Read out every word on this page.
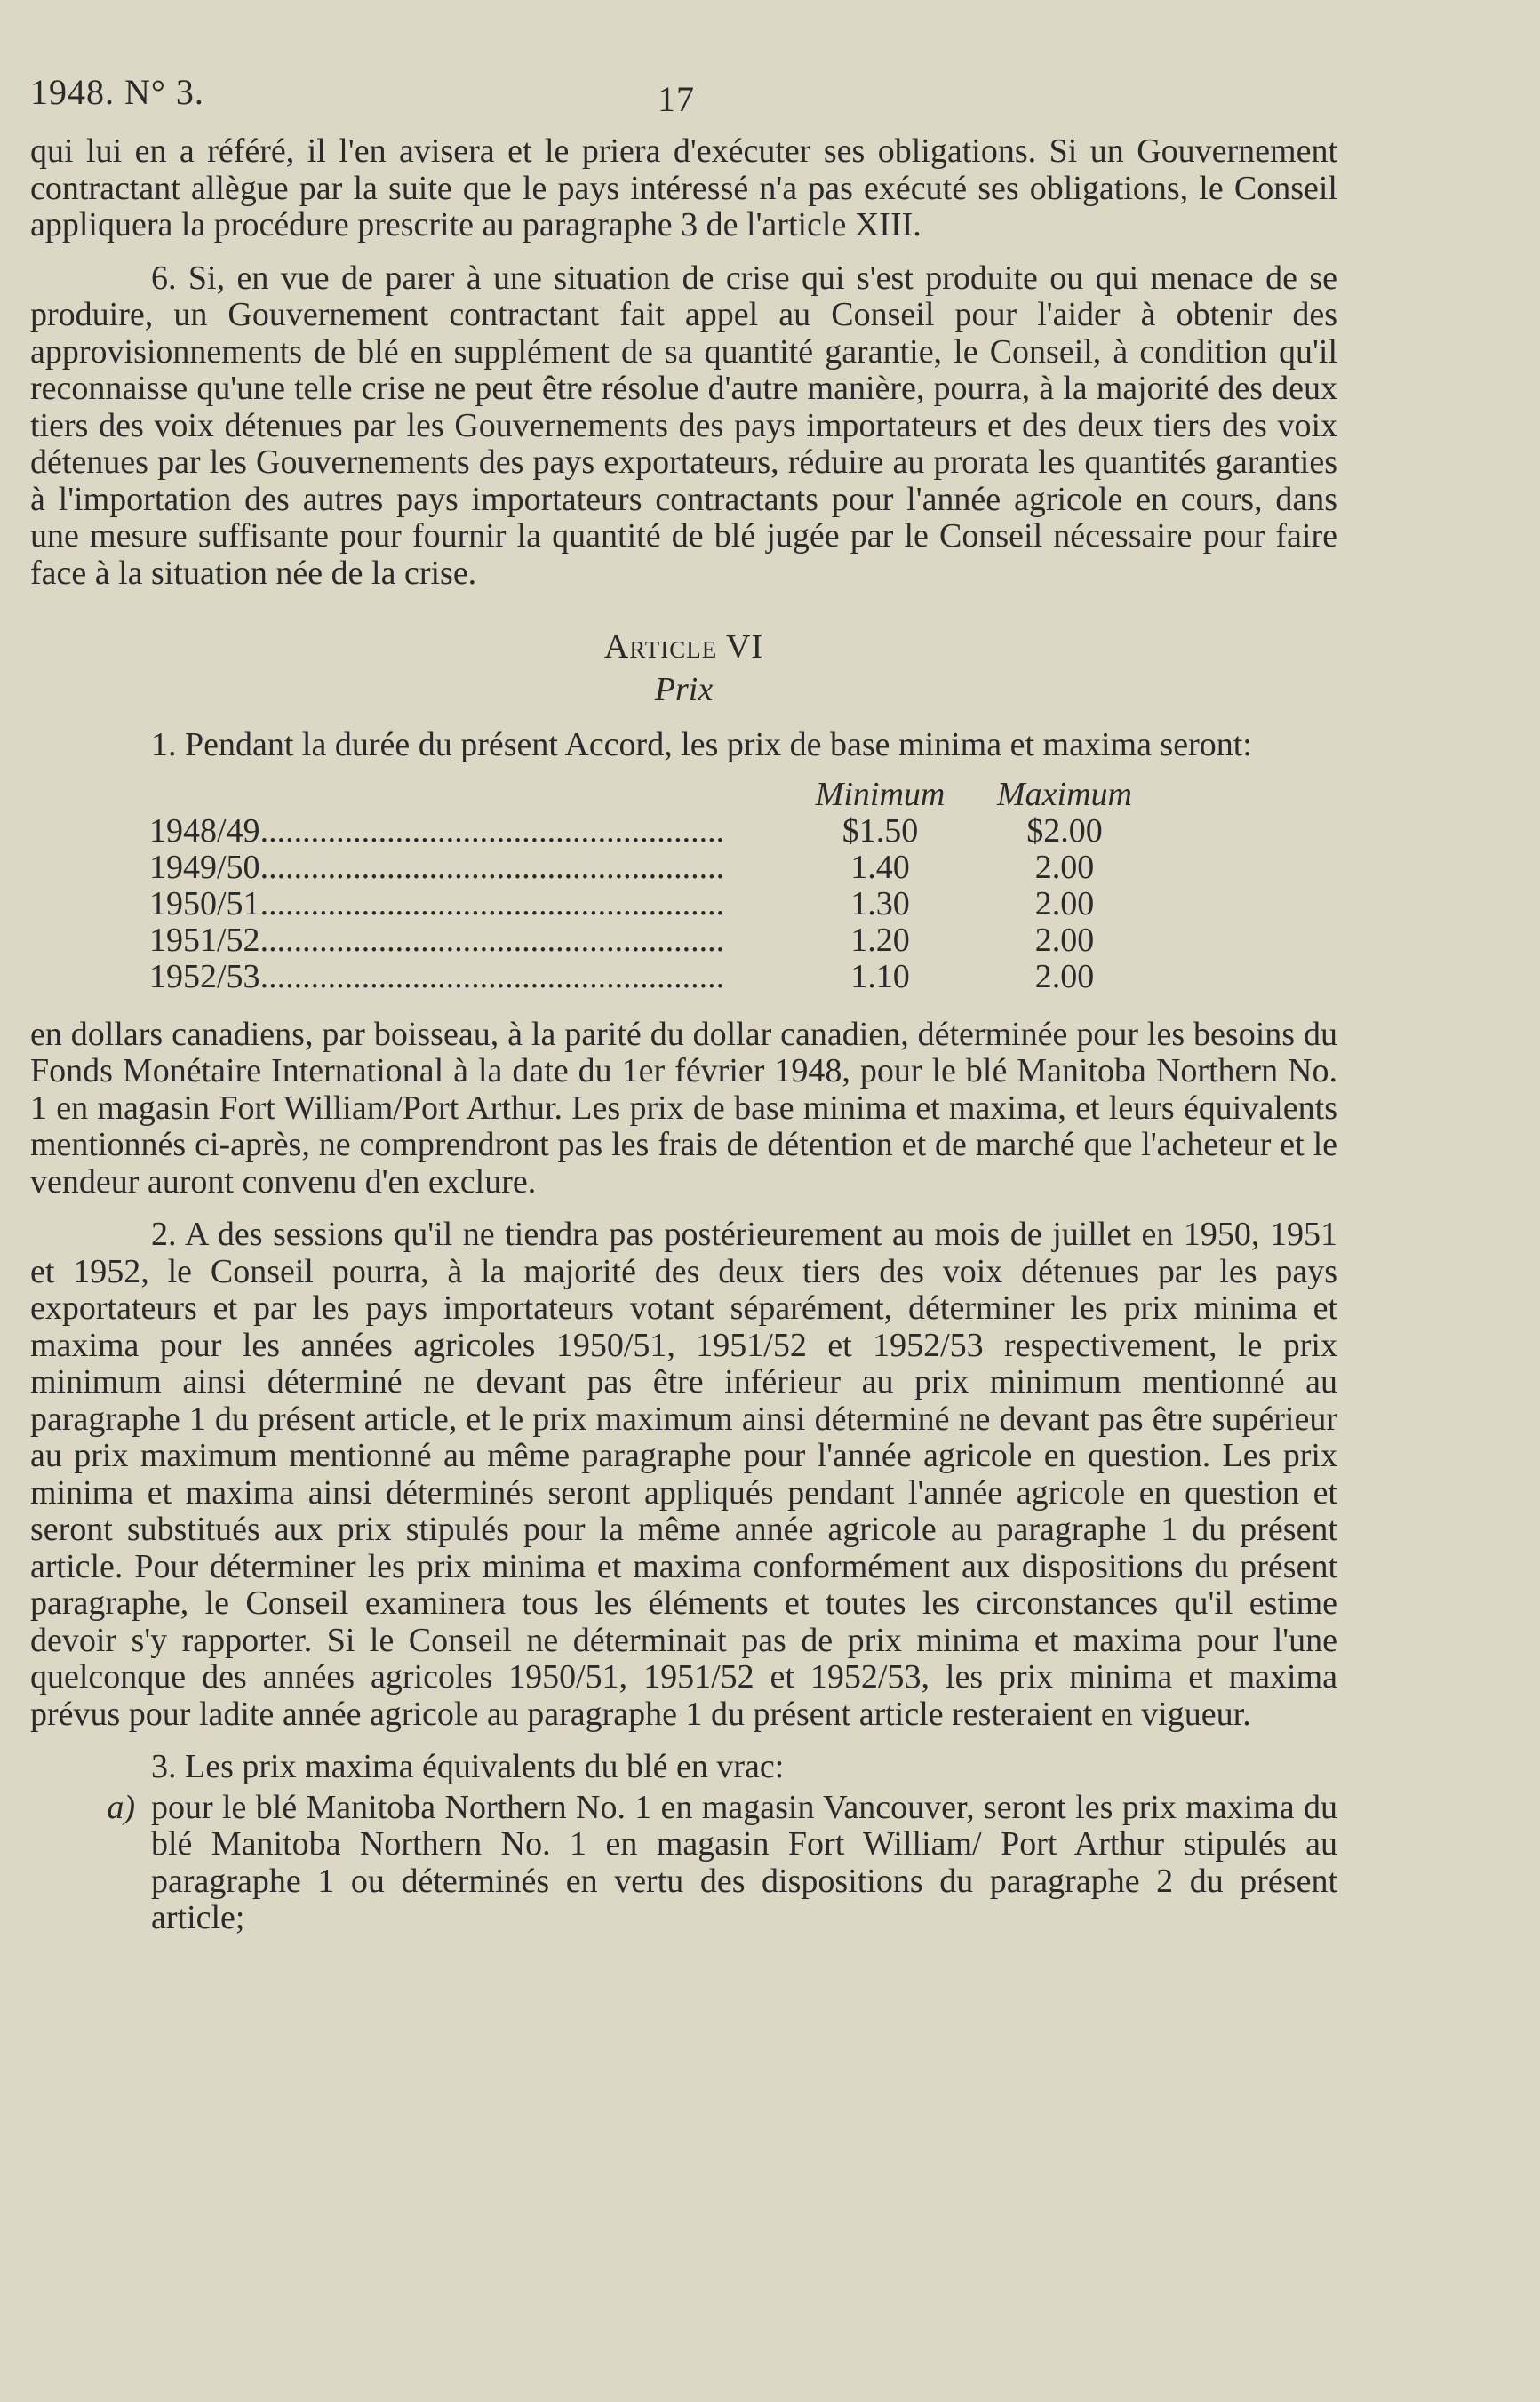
1948. N° 3.	17

qui lui en a référé, il l'en avisera et le priera d'exécuter ses obligations. Si un Gouvernement contractant allègue par la suite que le pays intéressé n'a pas exécuté ses obligations, le Conseil appliquera la procédure prescrite au paragraphe 3 de l'article XIII.

6. Si, en vue de parer à une situation de crise qui s'est produite ou qui menace de se produire, un Gouvernement contractant fait appel au Conseil pour l'aider à obtenir des approvisionnements de blé en supplément de sa quantité garantie, le Conseil, à condition qu'il reconnaisse qu'une telle crise ne peut être résolue d'autre manière, pourra, à la majorité des deux tiers des voix détenues par les Gouvernements des pays importateurs et des deux tiers des voix détenues par les Gouvernements des pays exportateurs, réduire au prorata les quantités garanties à l'importation des autres pays importateurs contractants pour l'année agricole en cours, dans une mesure suffisante pour fournir la quantité de blé jugée par le Conseil nécessaire pour faire face à la situation née de la crise.

Article VI
Prix

1. Pendant la durée du présent Accord, les prix de base minima et maxima seront:

	Minimum	Maximum
1948/49 .....	$1.50	$2.00
1949/50 .....	1.40	2.00
1950/51 .....	1.30	2.00
1951/52 .....	1.20	2.00
1952/53 .....	1.10	2.00

en dollars canadiens, par boisseau, à la parité du dollar canadien, déterminée pour les besoins du Fonds Monétaire International à la date du 1er février 1948, pour le blé Manitoba Northern No. 1 en magasin Fort William/Port Arthur. Les prix de base minima et maxima, et leurs équivalents mentionnés ci-après, ne comprendront pas les frais de détention et de marché que l'acheteur et le vendeur auront convenu d'en exclure.

2. A des sessions qu'il ne tiendra pas postérieurement au mois de juillet en 1950, 1951 et 1952, le Conseil pourra, à la majorité des deux tiers des voix détenues par les pays exportateurs et par les pays importateurs votant séparément, déterminer les prix minima et maxima pour les années agricoles 1950/51, 1951/52 et 1952/53 respectivement, le prix minimum ainsi déterminé ne devant pas être inférieur au prix minimum mentionné au paragraphe 1 du présent article, et le prix maximum ainsi déterminé ne devant pas être supérieur au prix maximum mentionné au même paragraphe pour l'année agricole en question. Les prix minima et maxima ainsi déterminés seront appliqués pendant l'année agricole en question et seront substitués aux prix stipulés pour la même année agricole au paragraphe 1 du présent article. Pour déterminer les prix minima et maxima conformément aux dispositions du présent paragraphe, le Conseil examinera tous les éléments et toutes les circonstances qu'il estime devoir s'y rapporter. Si le Conseil ne déterminait pas de prix minima et maxima pour l'une quelconque des années agricoles 1950/51, 1951/52 et 1952/53, les prix minima et maxima prévus pour ladite année agricole au paragraphe 1 du présent article resteraient en vigueur.

3. Les prix maxima équivalents du blé en vrac:

a) pour le blé Manitoba Northern No. 1 en magasin Vancouver, seront les prix maxima du blé Manitoba Northern No. 1 en magasin Fort William/ Port Arthur stipulés au paragraphe 1 ou déterminés en vertu des dispositions du paragraphe 2 du présent article;
